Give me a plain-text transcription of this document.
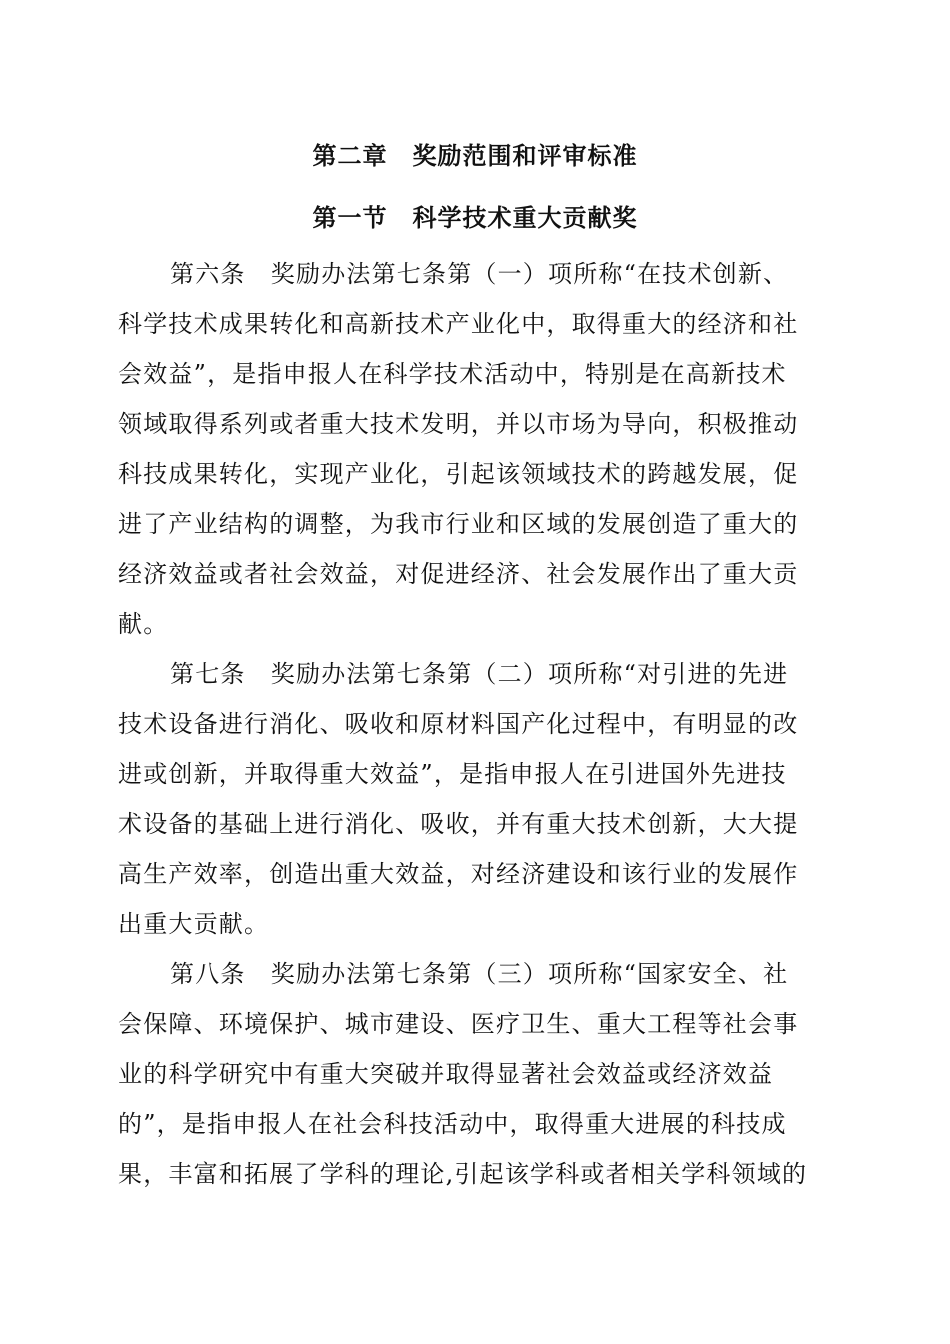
第二章　奖励范围和评审标准
第一节　科学技术重大贡献奖
第六条　奖励办法第七条第（一）项所称“在技术创新、
科学技术成果转化和高新技术产业化中，取得重大的经济和社
会效益”，是指申报人在科学技术活动中，特别是在高新技术
领域取得系列或者重大技术发明，并以市场为导向，积极推动
科技成果转化，实现产业化，引起该领域技术的跨越发展，促
进了产业结构的调整，为我市行业和区域的发展创造了重大的
经济效益或者社会效益，对促进经济、社会发展作出了重大贡
献。
第七条　奖励办法第七条第（二）项所称“对引进的先进
技术设备进行消化、吸收和原材料国产化过程中，有明显的改
进或创新，并取得重大效益”，是指申报人在引进国外先进技
术设备的基础上进行消化、吸收，并有重大技术创新，大大提
高生产效率，创造出重大效益，对经济建设和该行业的发展作
出重大贡献。
第八条　奖励办法第七条第（三）项所称“国家安全、社
会保障、环境保护、城市建设、医疗卫生、重大工程等社会事
业的科学研究中有重大突破并取得显著社会效益或经济效益
的”，是指申报人在社会科技活动中，取得重大进展的科技成
果，丰富和拓展了学科的理论,引起该学科或者相关学科领域的
